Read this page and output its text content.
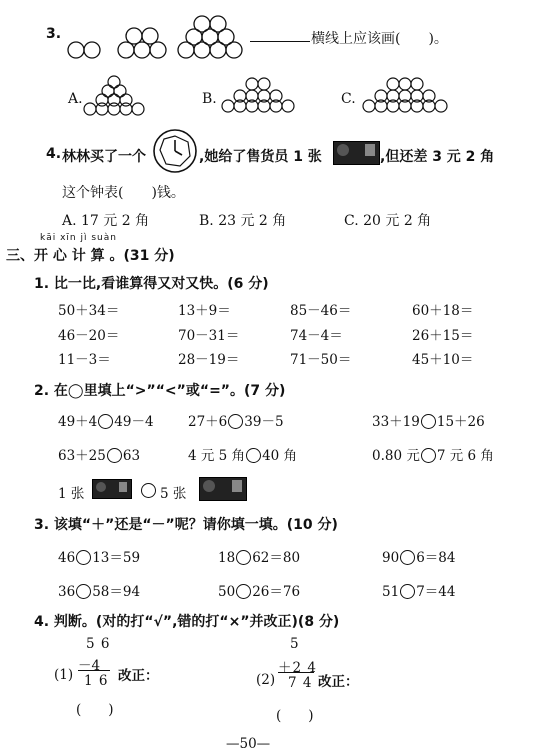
3.	横线上应该画(　　)。
A.	B.	C.
4. 林林买了一个	,她给了售货员 1 张	,但还差 3 元 2 角
这个钟表(　　)钱。
A. 17 元 2 角	B. 23 元 2 角	C. 20 元 2 角
kāi xīn jì suàn
三、开 心 计 算 。(31 分)
1. 比一比,看谁算得又对又快。(6 分)
50＋34＝	13＋9＝	85－46＝	60＋18＝
46－20＝	70－31＝	74－4＝	26＋15＝
11－3＝	28－19＝	71－50＝	45＋10＝
2. 在◯里填上“>”“<”或“=”。(7 分)
49＋4 49－4	27＋6 39－5	33＋19 15＋26
63＋25 63	4 元 5 角 40 角	0.80 元 7 元 6 角
1 张	5 张
3. 该填“＋”还是“－”呢？请你填一填。(10 分)
46 13＝59	18 62＝80	90 6＝84
36 58＝94	50 26＝76	51 7＝44
4. 判断。(对的打“√”,错的打“×”并改正)(8 分)
5 6
(1)
－4
1 6 改正：
(　　)
5
(2)
＋2 4
7 4 改正：
(　　)
—50—
